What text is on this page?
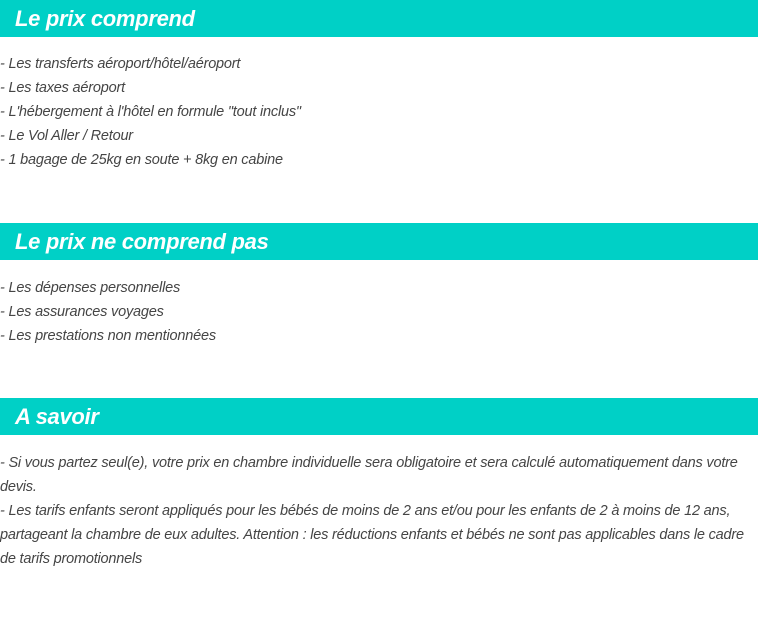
Le prix comprend
- Les transferts aéroport/hôtel/aéroport
- Les taxes aéroport
- L'hébergement à l'hôtel en formule "tout inclus"
- Le Vol Aller / Retour
- 1 bagage de 25kg en soute + 8kg en cabine
Le prix ne comprend pas
- Les dépenses personnelles
- Les assurances voyages
- Les prestations non mentionnées
A savoir
- Si vous partez seul(e), votre prix en chambre individuelle sera obligatoire et sera calculé automatiquement dans votre devis.
- Les tarifs enfants seront appliqués pour les bébés de moins de 2 ans et/ou pour les enfants de 2 à moins de 12 ans, partageant la chambre de eux adultes. Attention : les réductions enfants et bébés ne sont pas applicables dans le cadre de tarifs promotionnels
